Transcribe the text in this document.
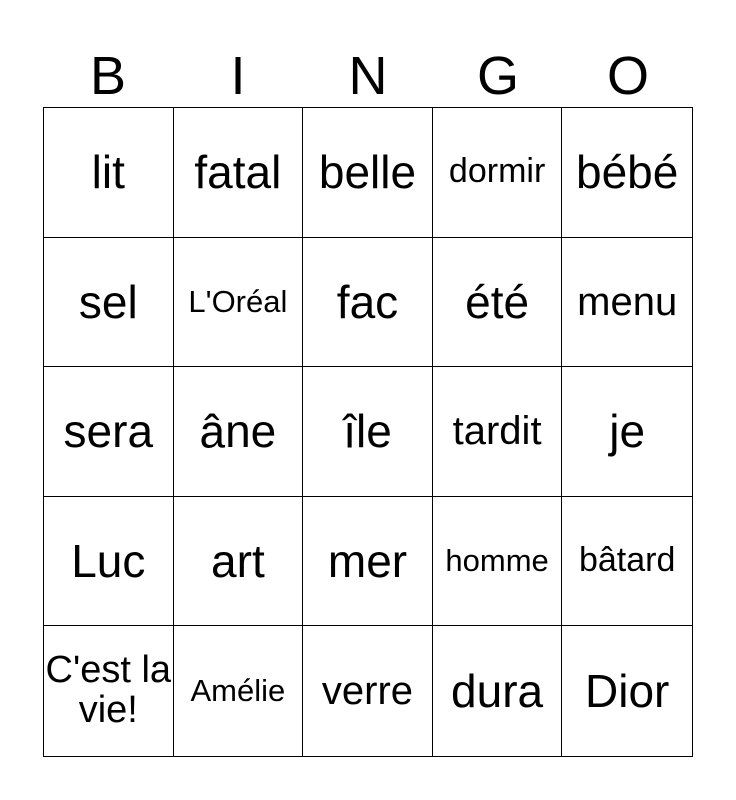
B	I	N	G	O
lit fatal belle dormir bébé
sel L'Oréal fac été menu
sera âne île tardit je
Luc art mer homme bâtard
C'est la vie!	Amélie verre dura Dior
